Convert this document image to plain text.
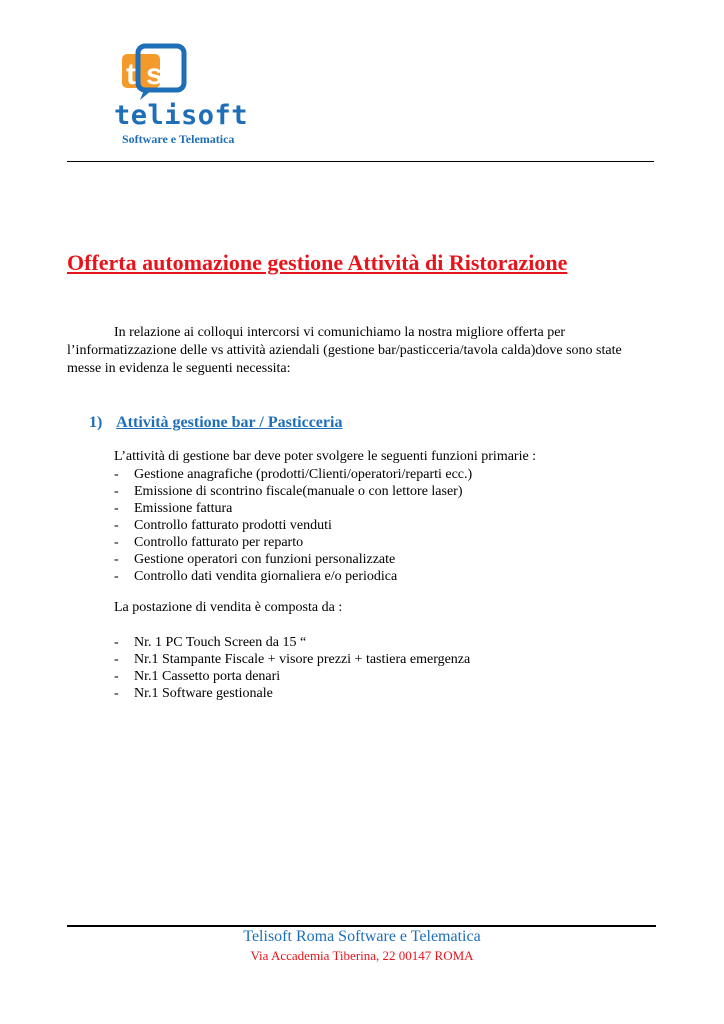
t s
telisoft
Software e Telematica
Offerta automazione gestione Attività di Ristorazione
In relazione ai colloqui intercorsi vi comunichiamo la nostra migliore offerta per
l’informatizzazione delle vs attività aziendali (gestione bar/pasticceria/tavola calda)dove sono state
messe in evidenza le seguenti necessita:
1) Attività gestione bar / Pasticceria
L’attività di gestione bar deve poter svolgere le seguenti funzioni primarie :
- Gestione anagrafiche (prodotti/Clienti/operatori/reparti ecc.)
- Emissione di scontrino fiscale(manuale o con lettore laser)
- Emissione fattura
- Controllo fatturato prodotti venduti
- Controllo fatturato per reparto
- Gestione operatori con funzioni personalizzate
- Controllo dati vendita giornaliera e/o periodica
La postazione di vendita è composta da :
- Nr. 1 PC Touch Screen da 15 “
- Nr.1 Stampante Fiscale + visore prezzi + tastiera emergenza
- Nr.1 Cassetto porta denari
- Nr.1 Software gestionale
Telisoft Roma Software e Telematica
Via Accademia Tiberina, 22 00147 ROMA
